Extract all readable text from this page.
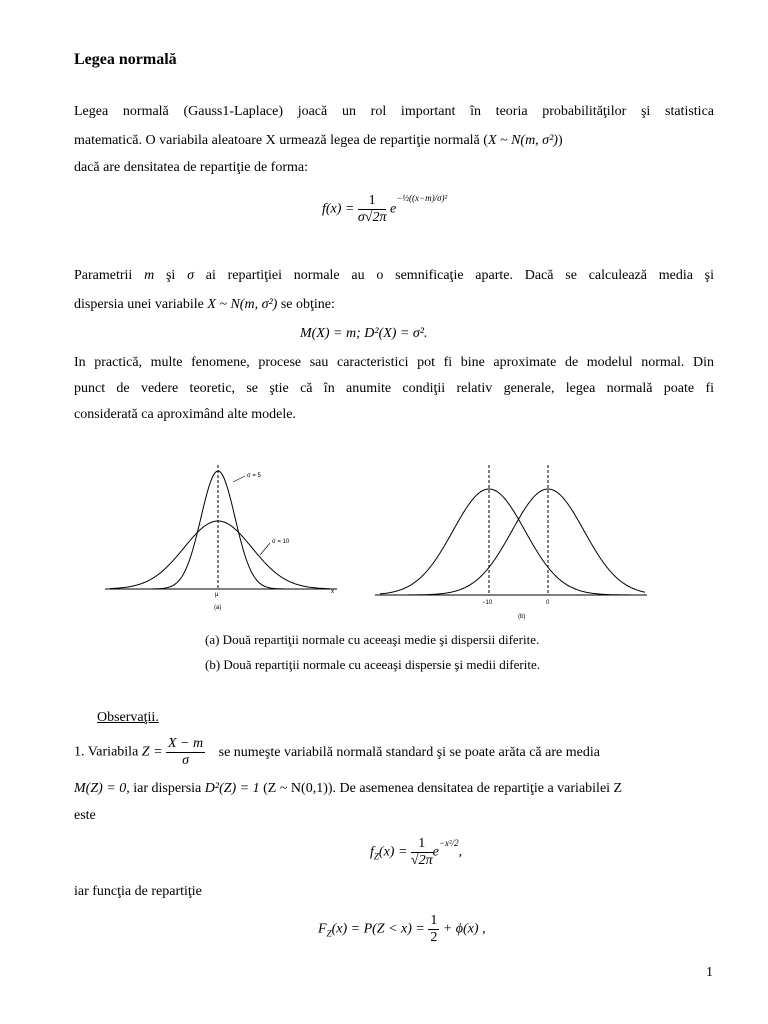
Legea normală
Legea normală (Gauss1-Laplace) joacă un rol important în teoria probabilităţilor şi statistica
matematică. O variabila aleatoare X urmează legea de repartiţie normală (X ~ N(m, σ²))
dacă are densitatea de repartiţie de forma:
$f(x) = \frac{1}{\sigma√2\pi} e^{-\frac{1}{2}((x-m)/\sigma)^2}$
Parametrii m şi σ ai repartiţiei normale au o semnificaţie aparte. Dacă se calculează media şi
dispersia unei variabile X ~ N(m, σ²) se obţine:
M(X) = m; D²(X) = σ².
In practică, multe fenomene, procese sau caracteristici pot fi bine aproximate de modelul normal. Din
punct de vedere teoretic, se ştie că în anumite condiţii relativ generale, legea normală poate fi
considerată ca aproximând alte modele.
σ = 5
σ = 10
x
μ
(a)
−10	0
(b)
(a) Două repartiţii normale cu aceeaşi medie şi dispersii diferite.
(b) Două repartiţii normale cu aceeaşi dispersie şi medii diferite.
Observaţii.
1. Variabila $Z = \frac{X - m}{\sigma}$ se numeşte variabilă normală standard şi se poate arăta că are media
M(Z) = 0, iar dispersia D²(Z) = 1 (Z ~ N(0,1)). De asemenea densitatea de repartiţie a variabilei Z
este
$f_Z(x) = \frac{1}{√2\pi} e^{-x^2/2}$,
iar funcţia de repartiţie
$F_Z(x) = P(Z < x) = \frac{1}{2} + \phi(x)$ ,
1
